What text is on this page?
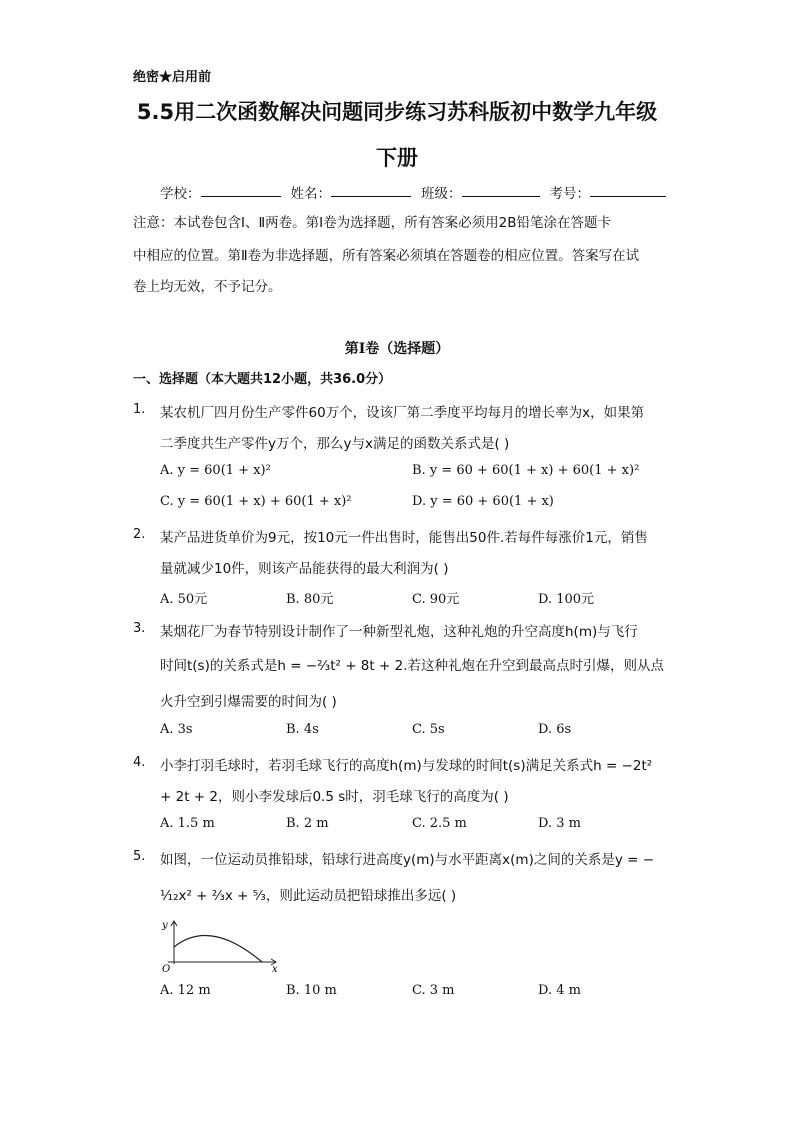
绝密★启用前
5.5用二次函数解决问题同步练习苏科版初中数学九年级
下册
学校：	姓名：	班级：	考号：
注意：本试卷包含Ⅰ、Ⅱ两卷。第Ⅰ卷为选择题，所有答案必须用2B铅笔涂在答题卡
中相应的位置。第Ⅱ卷为非选择题，所有答案必须填在答题卷的相应位置。答案写在试
卷上均无效，不予记分。
第Ⅰ卷（选择题）
一、选择题（本大题共12小题，共36.0分）
1. 某农机厂四月份生产零件60万个，设该厂第二季度平均每月的增长率为x，如果第
二季度共生产零件y万个，那么y与x满足的函数关系式是( )
A. y = 60(1 + x)²	B. y = 60 + 60(1 + x) + 60(1 + x)²
C. y = 60(1 + x) + 60(1 + x)²	D. y = 60 + 60(1 + x)
2. 某产品进货单价为9元，按10元一件出售时，能售出50件.若每件每涨价1元，销售
量就减少10件，则该产品能获得的最大利润为( )
A. 50元	B. 80元	C. 90元	D. 100元
3. 某烟花厂为春节特别设计制作了一种新型礼炮，这种礼炮的升空高度h(m)与飞行
时间t(s)的关系式是h = −⅔t² + 8t + 2.若这种礼炮在升空到最高点时引爆，则从点
火升空到引爆需要的时间为( )
A. 3s	B. 4s	C. 5s	D. 6s
4. 小李打羽毛球时，若羽毛球飞行的高度h(m)与发球的时间t(s)满足关系式h = −2t²
+ 2t + 2，则小李发球后0.5 s时，羽毛球飞行的高度为( )
A. 1.5 m	B. 2 m	C. 2.5 m	D. 3 m
5. 如图，一位运动员推铅球，铅球行进高度y(m)与水平距离x(m)之间的关系是y = −
¹⁄₁₂x² + ⅔x + ⁵⁄₃，则此运动员把铅球推出多远( )
y
x
O
A. 12 m	B. 10 m	C. 3 m	D. 4 m
